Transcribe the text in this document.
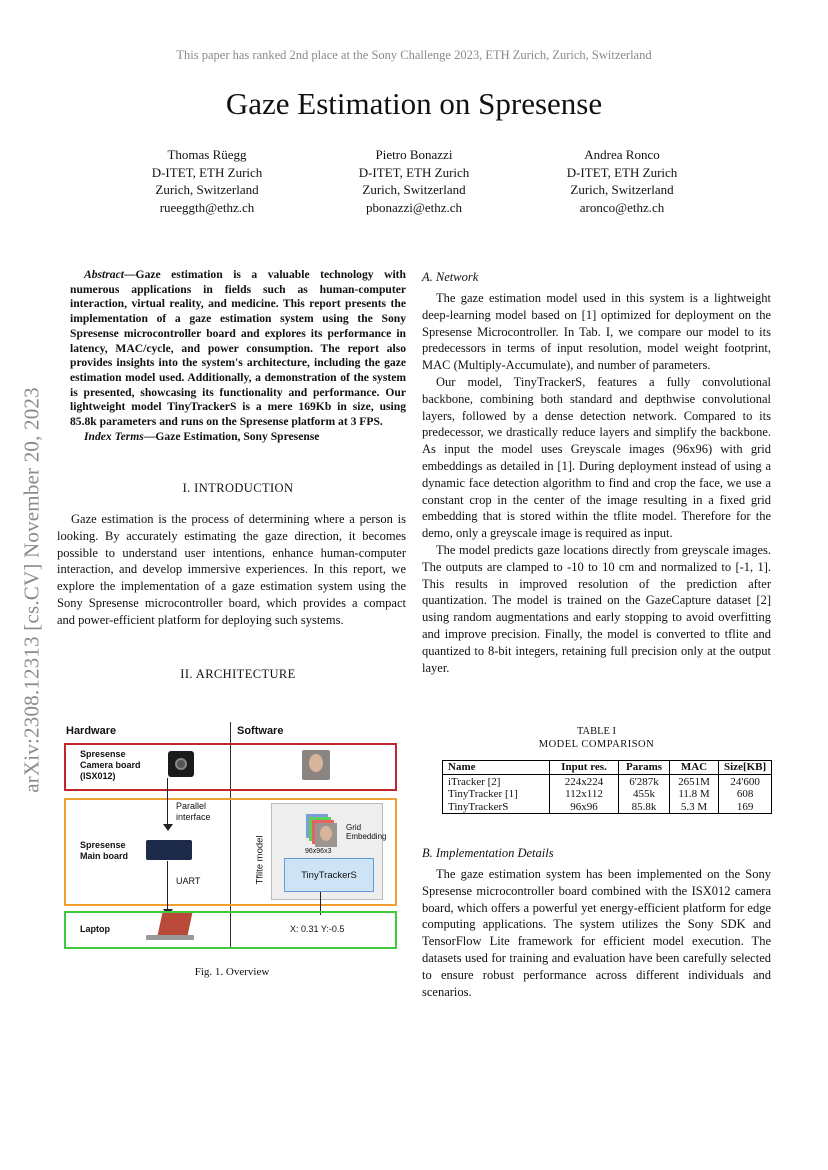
This paper has ranked 2nd place at the Sony Challenge 2023, ETH Zurich, Zurich, Switzerland
Gaze Estimation on Spresense
Thomas Rüegg
D-ITET, ETH Zurich
Zurich, Switzerland
rueeggth@ethz.ch
Pietro Bonazzi
D-ITET, ETH Zurich
Zurich, Switzerland
pbonazzi@ethz.ch
Andrea Ronco
D-ITET, ETH Zurich
Zurich, Switzerland
aronco@ethz.ch
arXiv:2308.12313 [cs.CV] November 20, 2023
Abstract—Gaze estimation is a valuable technology with numerous applications in fields such as human-computer interaction, virtual reality, and medicine. This report presents the implementation of a gaze estimation system using the Sony Spresense microcontroller board and explores its performance in latency, MAC/cycle, and power consumption. The report also provides insights into the system's architecture, including the gaze estimation model used. Additionally, a demonstration of the system is presented, showcasing its functionality and performance. Our lightweight model TinyTrackerS is a mere 169Kb in size, using 85.8k parameters and runs on the Spresense platform at 3 FPS.
Index Terms—Gaze Estimation, Sony Spresense
I. INTRODUCTION

Gaze estimation is the process of determining where a person is looking. By accurately estimating the gaze direction, it becomes possible to understand user intentions, enhance human-computer interaction, and develop immersive experiences. In this report, we explore the implementation of a gaze estimation system using the Sony Spresense microcontroller board, which provides a compact and power-efficient platform for deploying such systems.

II. ARCHITECTURE
Hardware	Software
Spresense
Camera board
(ISX012)
Parallel
interface
Spresense
Main board
UART	Tflite model
Grid
Embedding
96x96x3
TinyTrackerS
Laptop	X: 0.31 Y:-0.5
Fig. 1. Overview
A. Network

The gaze estimation model used in this system is a lightweight deep-learning model based on [1] optimized for deployment on the Spresense Microcontroller. In Tab. I, we compare our model to its predecessors in terms of input resolution, model weight footprint, MAC (Multiply-Accumulate), and number of parameters.

Our model, TinyTrackerS, features a fully convolutional backbone, combining both standard and depthwise convolutional layers, followed by a dense detection network. Compared to its predecessor, we drastically reduce layers and simplify the backbone. As input the model uses Greyscale images (96x96) with grid embeddings as detailed in [1]. During deployment instead of using a dynamic face detection algorithm to find and crop the face, we use a constant crop in the center of the image resulting in a fixed grid embedding that is stored within the tflite model. Therefore for the demo, only a greyscale image is required as input.

The model predicts gaze locations directly from greyscale images. The outputs are clamped to -10 to 10 cm and normalized to [-1, 1]. This results in improved resolution of the prediction after quantization. The model is trained on the GazeCapture dataset [2] using random augmentations and early stopping to avoid overfitting and improve precision. Finally, the model is converted to tflite and quantized to 8-bit integers, retaining full precision only at the output layer.

TABLE I
MODEL COMPARISON
Name	Input res.	Params	MAC	Size[KB]
iTracker [2]	224x224	6'287k	2651M	24'600
TinyTracker [1]	112x112	455k	11.8 M	608
TinyTrackerS	96x96	85.8k	5.3 M	169
B. Implementation Details

The gaze estimation system has been implemented on the Sony Spresense microcontroller board combined with the ISX012 camera board, which offers a powerful yet energy-efficient platform for edge computing applications. The system utilizes the Sony SDK and TensorFlow Lite framework for efficient model execution. The datasets used for training and evaluation have been carefully selected to ensure robust performance across different individuals and scenarios.
